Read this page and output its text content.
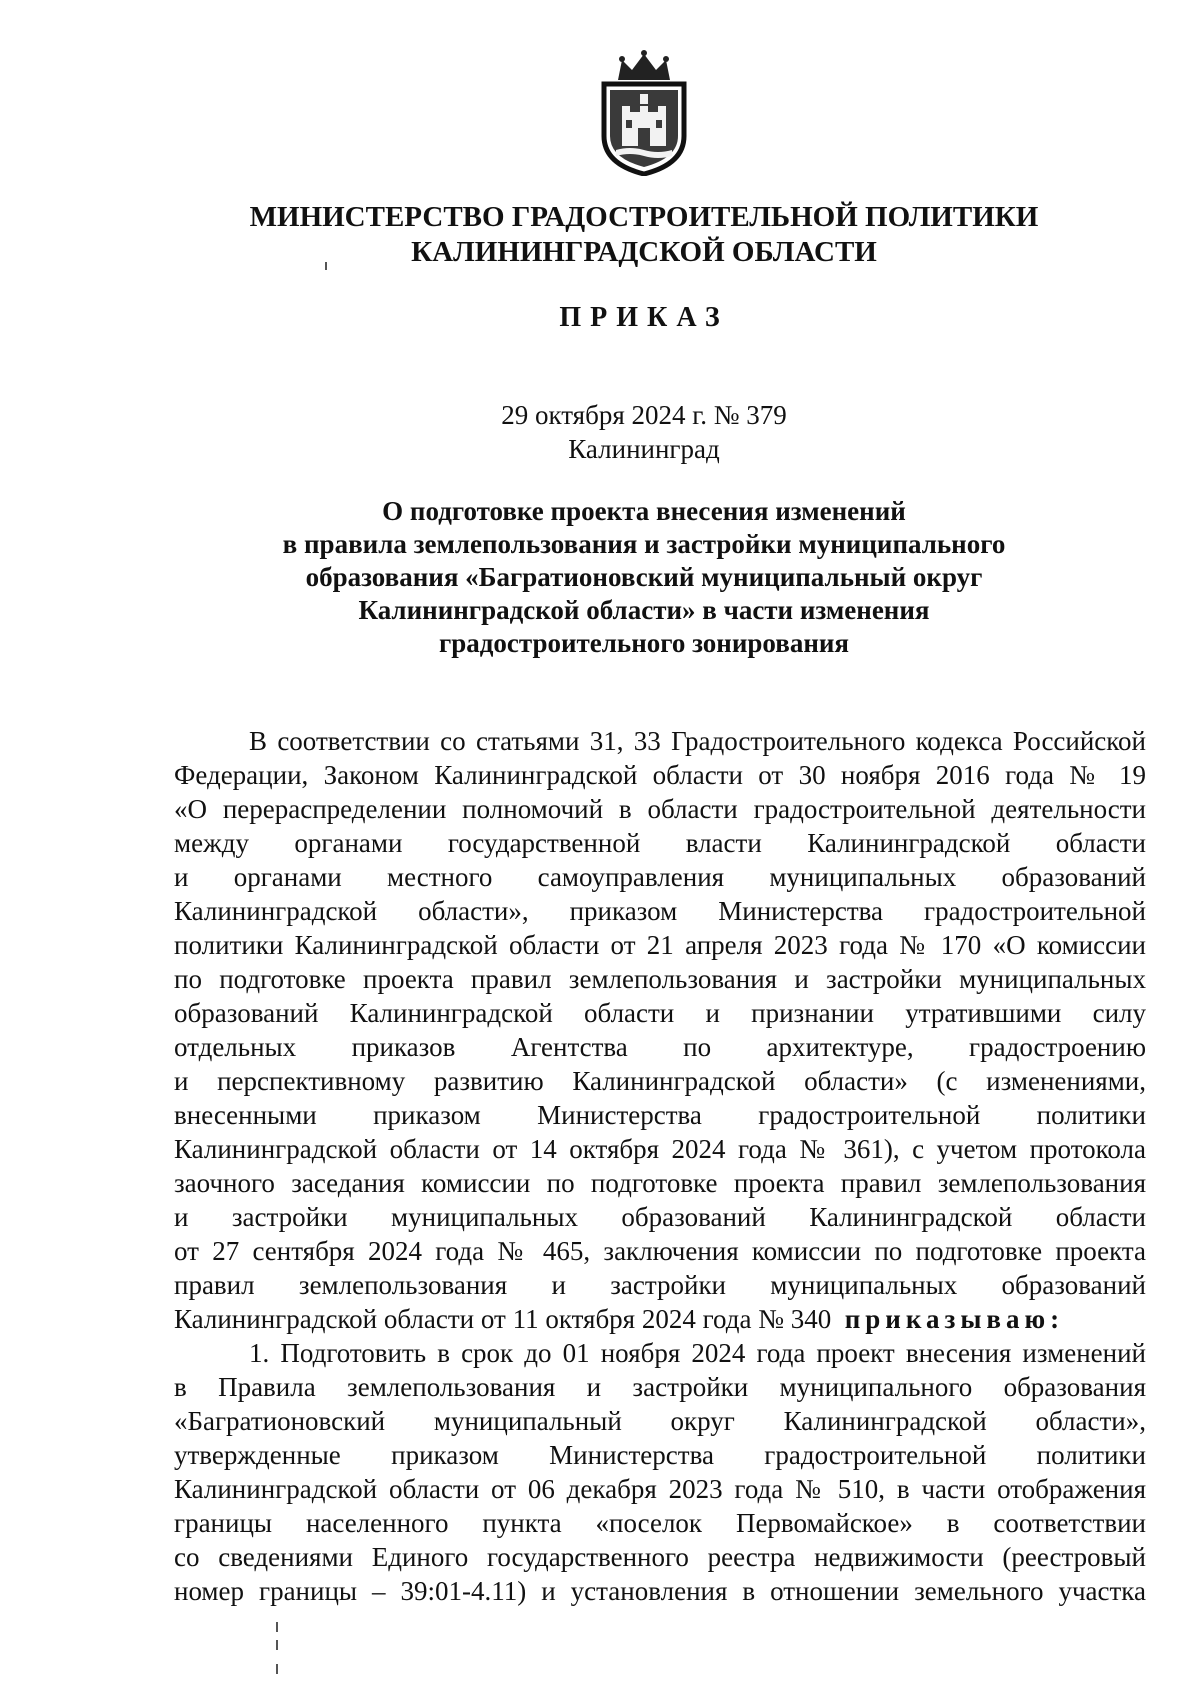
МИНИСТЕРСТВО ГРАДОСТРОИТЕЛЬНОЙ ПОЛИТИКИ
КАЛИНИНГРАДСКОЙ ОБЛАСТИ
ПРИКАЗ
29 октября 2024 г. № 379
Калининград
О подготовке проекта внесения изменений
в правила землепользования и застройки муниципального
образования «Багратионовский муниципальный округ
Калининградской области» в части изменения
градостроительного зонирования
В соответствии со статьями 31, 33 Градостроительного кодекса Российской
Федерации, Законом Калининградской области от 30 ноября 2016 года № 19
«О перераспределении полномочий в области градостроительной деятельности
между органами государственной власти Калининградской области
и органами местного самоуправления муниципальных образований
Калининградской области», приказом Министерства градостроительной
политики Калининградской области от 21 апреля 2023 года № 170 «О комиссии
по подготовке проекта правил землепользования и застройки муниципальных
образований Калининградской области и признании утратившими силу
отдельных приказов Агентства по архитектуре, градостроению
и перспективному развитию Калининградской области» (с изменениями,
внесенными приказом Министерства градостроительной политики
Калининградской области от 14 октября 2024 года № 361), с учетом протокола
заочного заседания комиссии по подготовке проекта правил землепользования
и застройки муниципальных образований Калининградской области
от 27 сентября 2024 года № 465, заключения комиссии по подготовке проекта
правил землепользования и застройки муниципальных образований
Калининградской области от 11 октября 2024 года № 340 приказываю:
1. Подготовить в срок до 01 ноября 2024 года проект внесения изменений
в Правила землепользования и застройки муниципального образования
«Багратионовский муниципальный округ Калининградской области»,
утвержденные приказом Министерства градостроительной политики
Калининградской области от 06 декабря 2023 года № 510, в части отображения
границы населенного пункта «поселок Первомайское» в соответствии
со сведениями Единого государственного реестра недвижимости (реестровый
номер границы – 39:01-4.11) и установления в отношении земельного участка
